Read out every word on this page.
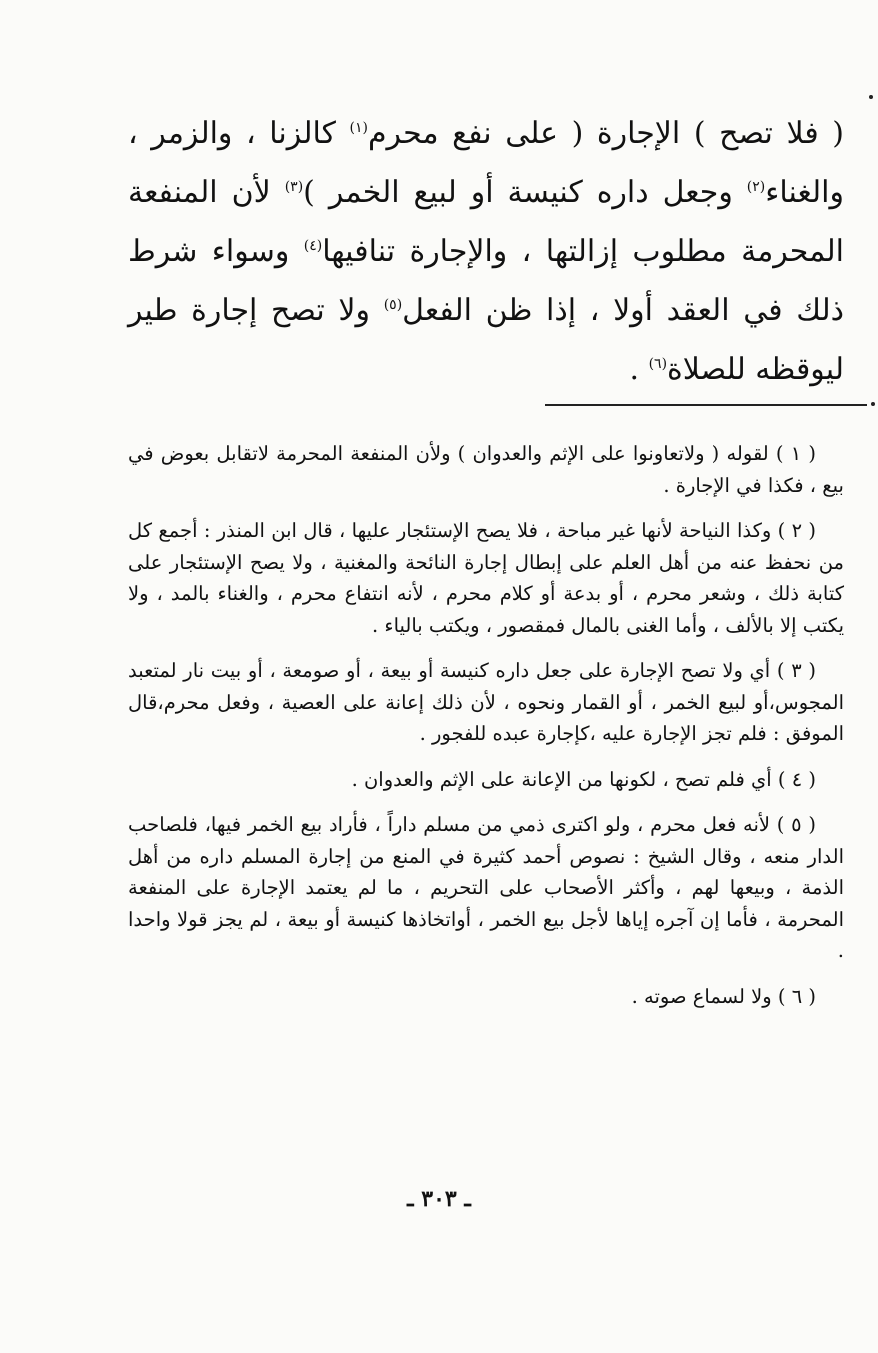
( فلا تصح ) الإجارة ( على نفع محرم$^{(١)}$ كالزنا ، والزمر ، والغناء$^{(٢)}$ وجعل داره كنيسة أو لبيع الخمر )$^{(٣)}$ لأن المنفعة المحرمة مطلوب إزالتها ، والإجارة تنافيها$^{(٤)}$ وسواء شرط ذلك في العقد أولا ، إذا ظن الفعل$^{(٥)}$ ولا تصح إجارة طير ليوقظه للصلاة$^{(٦)}$ .

( ١ ) لقوله ( ولاتعاونوا على الإثم والعدوان ) ولأن المنفعة المحرمة لاتقابل بعوض في بيع ، فكذا في الإجارة .

( ٢ ) وكذا النياحة لأنها غير مباحة ، فلا يصح الإستئجار عليها ، قال ابن المنذر : أجمع كل من نحفظ عنه من أهل العلم على إبطال إجارة النائحة والمغنية ، ولا يصح الإستئجار على كتابة ذلك ، وشعر محرم ، أو بدعة أو كلام محرم ، لأنه انتفاع محرم ، والغناء بالمد ، ولا يكتب إلا بالألف ، وأما الغنى بالمال فمقصور ، ويكتب بالياء .

( ٣ ) أي ولا تصح الإجارة على جعل داره كنيسة أو بيعة ، أو صومعة ، أو بيت نار لمتعبد المجوس،أو لبيع الخمر ، أو القمار ونحوه ، لأن ذلك إعانة على العصية ، وفعل محرم،قال الموفق : فلم تجز الإجارة عليه ،كإجارة عبده للفجور .

( ٤ ) أي فلم تصح ، لكونها من الإعانة على الإثم والعدوان .

( ٥ ) لأنه فعل محرم ، ولو اكترى ذمي من مسلم داراً ، فأراد بيع الخمر فيها، فلصاحب الدار منعه ، وقال الشيخ : نصوص أحمد كثيرة في المنع من إجارة المسلم داره من أهل الذمة ، وبيعها لهم ، وأكثر الأصحاب على التحريم ، ما لم يعتمد الإجارة على المنفعة المحرمة ، فأما إن آجره إياها لأجل بيع الخمر ، أواتخاذها كنيسة أو بيعة ، لم يجز قولا واحدا .

( ٦ ) ولا لسماع صوته .

ـ ٣٠٣ ـ
